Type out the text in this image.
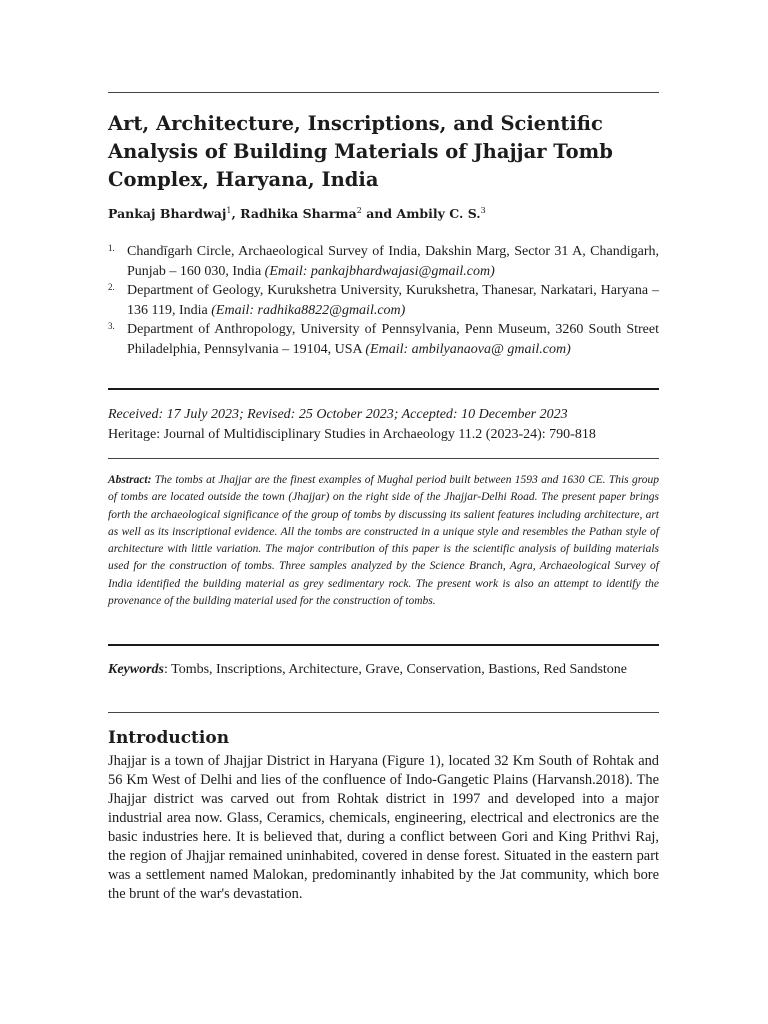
Art, Architecture, Inscriptions, and Scientific Analysis of Building Materials of Jhajjar Tomb Complex, Haryana, India

Pankaj Bhardwaj$^1$, Radhika Sharma$^2$ and Ambily C. S.$^3$

1. Chandīgarh Circle, Archaeological Survey of India, Dakshin Marg, Sector 31 A, Chandigarh, Punjab – 160 030, India (Email: pankajbhardwajasi@gmail.com)
2. Department of Geology, Kurukshetra University, Kurukshetra, Thanesar, Narkatari, Haryana – 136 119, India (Email: radhika8822@gmail.com)
3. Department of Anthropology, University of Pennsylvania, Penn Museum, 3260 South Street Philadelphia, Pennsylvania – 19104, USA (Email: ambilyanaova@ gmail.com)

Received: 17 July 2023; Revised: 25 October 2023; Accepted: 10 December 2023
Heritage: Journal of Multidisciplinary Studies in Archaeology 11.2 (2023-24): 790-818

Abstract: The tombs at Jhajjar are the finest examples of Mughal period built between 1593 and 1630 CE. This group of tombs are located outside the town (Jhajjar) on the right side of the Jhajjar-Delhi Road. The present paper brings forth the archaeological significance of the group of tombs by discussing its salient features including architecture, art as well as its inscriptional evidence. All the tombs are constructed in a unique style and resembles the Pathan style of architecture with little variation. The major contribution of this paper is the scientific analysis of building materials used for the construction of tombs. Three samples analyzed by the Science Branch, Agra, Archaeological Survey of India identified the building material as grey sedimentary rock. The present work is also an attempt to identify the provenance of the building material used for the construction of tombs.

Keywords: Tombs, Inscriptions, Architecture, Grave, Conservation, Bastions, Red Sandstone

Introduction

Jhajjar is a town of Jhajjar District in Haryana (Figure 1), located 32 Km South of Rohtak and 56 Km West of Delhi and lies of the confluence of Indo-Gangetic Plains (Harvansh.2018). The Jhajjar district was carved out from Rohtak district in 1997 and developed into a major industrial area now. Glass, Ceramics, chemicals, engineering, electrical and electronics are the basic industries here. It is believed that, during a conflict between Gori and King Prithvi Raj, the region of Jhajjar remained uninhabited, covered in dense forest. Situated in the eastern part was a settlement named Malokan, predominantly inhabited by the Jat community, which bore the brunt of the war's devastation.
